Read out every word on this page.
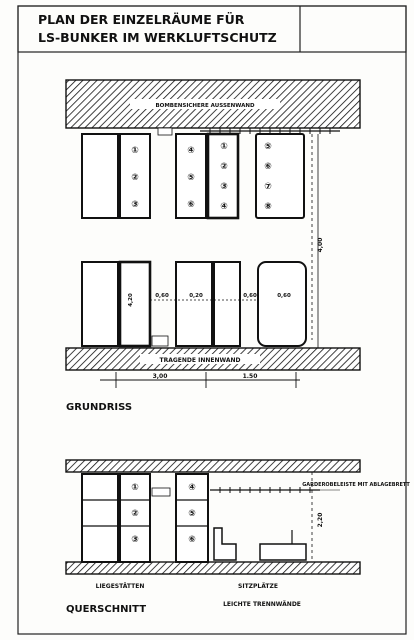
PLAN DER EINZELRÄUME FÜR
LS-BUNKER IM WERKLUFTSCHUTZ
BOMBENSICHERE AUSSENWAND
①
②
③
④
⑤
⑥
①
②
③
④
⑤
⑥
⑦
⑧
4,00
0,60	0,20	0,60	0,60
4,20
TRAGENDE INNENWAND
3,00	1.50
GRUNDRISS
①
②
③
④
⑤
⑥
GARDEROBELEISTE MIT ABLAGEBRETT
2,20
LIEGESTÄTTEN	SITZPLÄTZE
LEICHTE TRENNWÄNDE
QUERSCHNITT
